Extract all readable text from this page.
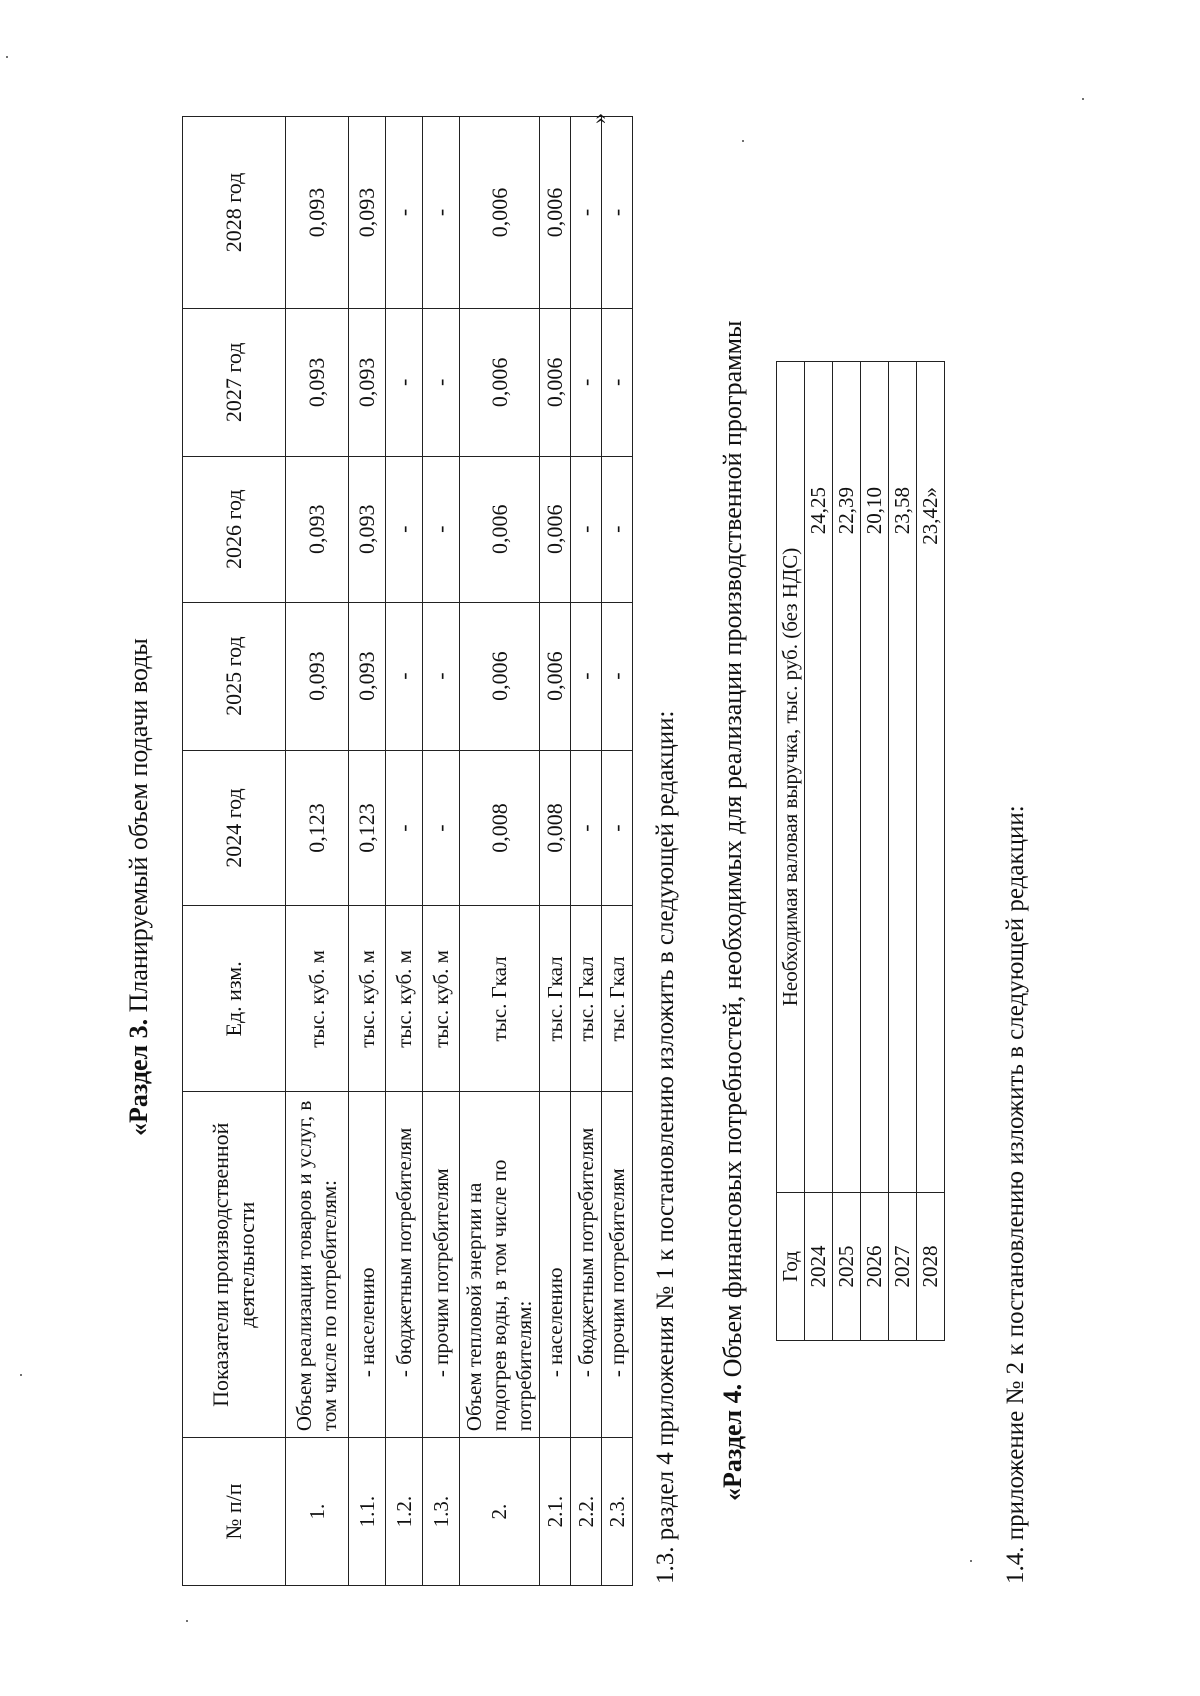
«Раздел 3. Планируемый объем подачи воды
№ п/п	Показатели производственной деятельности	Ед. изм.	2024 год	2025 год	2026 год	2027 год	2028 год
1.	Объем реализации товаров и услуг, в том числе по потребителям:	тыс. куб. м	0,123	0,093	0,093	0,093	0,093
1.1.	- населению	тыс. куб. м	0,123	0,093	0,093	0,093	0,093
1.2.	- бюджетным потребителям	тыс. куб. м	-	-	-	-	-
1.3.	- прочим потребителям	тыс. куб. м	-	-	-	-	-
2.	Объем тепловой энергии на подогрев воды, в том числе по потребителям:	тыс. Гкал	0,008	0,006	0,006	0,006	0,006
2.1.	- населению	тыс. Гкал	0,008	0,006	0,006	0,006	0,006
2.2.	- бюджетным потребителям	тыс. Гкал	-	-	-	-	-
2.3.	- прочим потребителям	тыс. Гкал	-	-	-	-	-
»
1.3. раздел 4 приложения № 1 к постановлению изложить в следующей редакции: «Раздел 4. Объем финансовых потребностей, необходимых для реализации производственной программы Год	Необходимая валовая выручка, тыс. руб. (без НДС)
2024	24,25
2025	22,39
2026	20,10
2027	23,58
2028	23,42»
1.4. приложение № 2 к постановлению изложить в следующей редакции:
